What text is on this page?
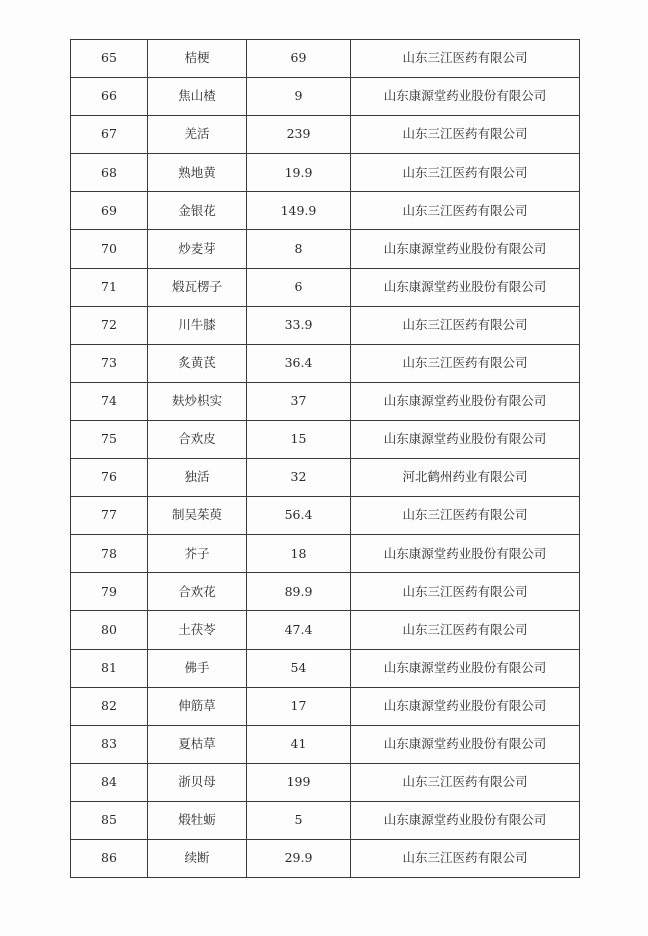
65	桔梗	69	山东三江医药有限公司
66	焦山楂	9	山东康源堂药业股份有限公司
67	羌活	239	山东三江医药有限公司
68	熟地黄	19.9	山东三江医药有限公司
69	金银花	149.9	山东三江医药有限公司
70	炒麦芽	8	山东康源堂药业股份有限公司
71	煅瓦楞子	6	山东康源堂药业股份有限公司
72	川牛膝	33.9	山东三江医药有限公司
73	炙黄芪	36.4	山东三江医药有限公司
74	麸炒枳实	37	山东康源堂药业股份有限公司
75	合欢皮	15	山东康源堂药业股份有限公司
76	独活	32	河北鹤州药业有限公司
77	制吴茱萸	56.4	山东三江医药有限公司
78	芥子	18	山东康源堂药业股份有限公司
79	合欢花	89.9	山东三江医药有限公司
80	土茯苓	47.4	山东三江医药有限公司
81	佛手	54	山东康源堂药业股份有限公司
82	伸筋草	17	山东康源堂药业股份有限公司
83	夏枯草	41	山东康源堂药业股份有限公司
84	浙贝母	199	山东三江医药有限公司
85	煅牡蛎	5	山东康源堂药业股份有限公司
86	续断	29.9	山东三江医药有限公司
